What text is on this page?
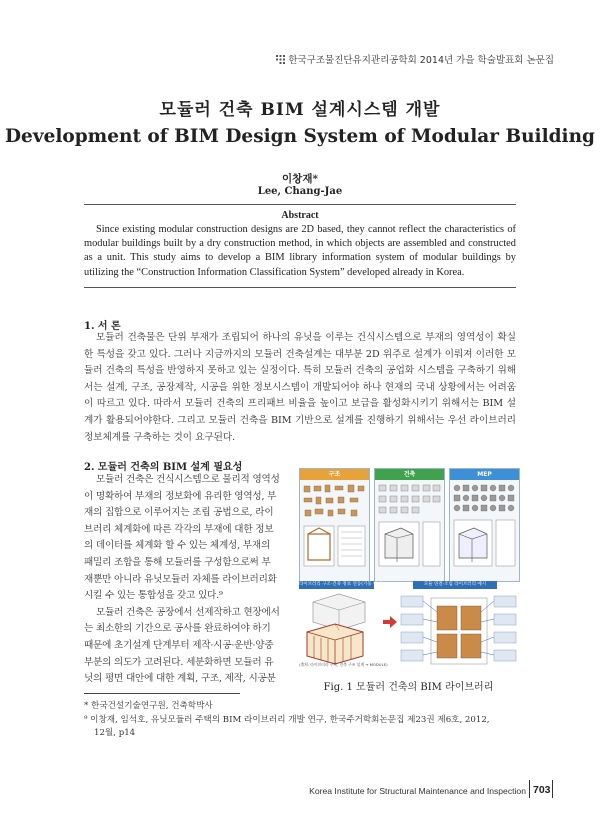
한국구조물진단유지관리공학회 2014년 가을 학술발표회 논문집
모듈러 건축 BIM 설계시스템 개발
Development of BIM Design System of Modular Building
이창재*
Lee, Chang-Jae
Abstract
Since existing modular construction designs are 2D based, they cannot reflect the characteristics of modular buildings built by a dry construction method, in which objects are assembled and constructed as a unit. This study aims to develop a BIM library information system of modular buildings by utilizing the “Construction Information Classification System” developed already in Korea.
1. 서 론
모듈러 건축물은 단위 부재가 조립되어 하나의 유닛을 이루는 건식시스템으로 부재의 영역성이 확실한 특성을 갖고 있다. 그러나 지금까지의 모듈러 건축설계는 대부분 2D 위주로 설계가 이뤄져 이러한 모듈러 건축의 특성을 반영하지 못하고 있는 실정이다. 특히 모듈러 건축의 공업화 시스템을 구축하기 위해서는 설계, 구조, 공장제작, 시공을 위한 정보시스템이 개발되어야 하나 현재의 국내 상황에서는 어려움이 따르고 있다. 따라서 모듈러 건축의 프리패브 비율을 높이고 보급을 활성화시키기 위해서는 BIM 설계가 활용되어야한다. 그리고 모듈러 건축을 BIM 기반으로 설계를 진행하기 위해서는 우선 라이브러리 정보체계를 구축하는 것이 요구된다.
2. 모듈러 건축의 BIM 설계 필요성
모듈러 건축은 건식시스템으로 물리적 영역성
이 명확하여 부재의 정보화에 유리한 영역성, 부
재의 집합으로 이루어지는 조립 공법으로, 라이
브러리 체계화에 따른 각각의 부재에 대한 정보
의 데이터를 체계화 할 수 있는 체계성, 부재의
패밀리 조합을 통해 모듈러를 구성함으로써 부
재뿐만 아니라 유닛모듈러 자체를 라이브러리화
시킬 수 있는 통합성을 갖고 있다.⁹
모듈러 건축은 공장에서 선제작하고 현장에서
는 최소한의 기간으로 공사를 완료하여야 하기
때문에 초기설계 단계부터 제작·시공·운반·양중
부분의 의도가 고려된다. 세분화하면 모듈러 유
닛의 평면 대안에 대한 계획, 구조, 제작, 시공분
구조	건축	MEP
라이브러리 구조·건축 정보 연동(기둥 예시)	모듈 연결·조립 라이브러리 예시
(출처: 라이브러리 구축, 건축 구조 설계 → MODULE)
Fig. 1 모듈러 건축의 BIM 라이브러리
* 한국건설기술연구원, 건축학박사
⁹ 이창재, 임석호, 유닛모듈러 주택의 BIM 라이브러리 개발 연구, 한국주거학회논문집 제23권 제6호, 2012,
12월, p14
Korea Institute for Structural Maintenance and Inspection 703
